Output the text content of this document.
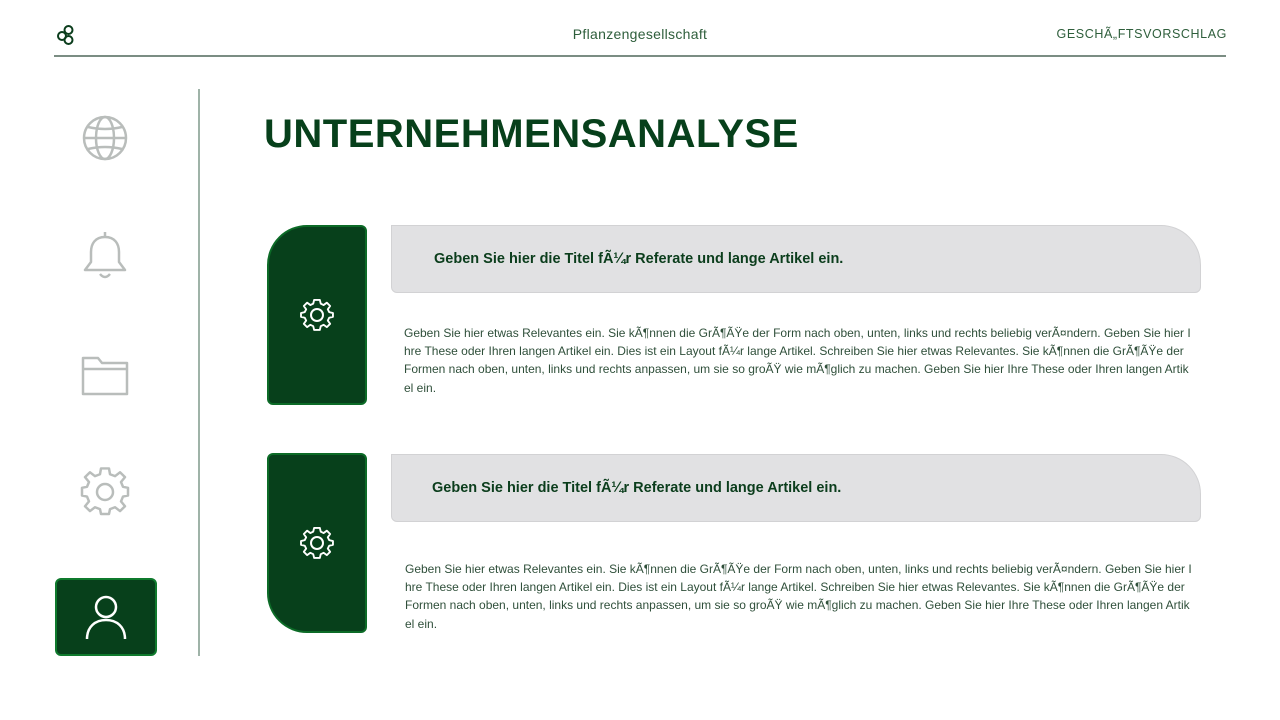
Pflanzengesellschaft	GESCHÃ„FTSVORSCHLAG
UNTERNEHMENSANALYSE
Geben Sie hier die Titel fÃ¼r Referate und lange Artikel ein.
Geben Sie hier etwas Relevantes ein. Sie kÃ¶nnen die GrÃ¶ÃŸe der Form nach oben, unten, links und rechts beliebig verÃ¤ndern. Geben Sie hier Ihre These oder Ihren langen Artikel ein. Dies ist ein Layout fÃ¼r lange Artikel. Schreiben Sie hier etwas Relevantes. Sie kÃ¶nnen die GrÃ¶ÃŸe der Formen nach oben, unten, links und rechts anpassen, um sie so groÃŸ wie mÃ¶glich zu machen. Geben Sie hier Ihre These oder Ihren langen Artikel ein.
Geben Sie hier die Titel fÃ¼r Referate und lange Artikel ein.
Geben Sie hier etwas Relevantes ein. Sie kÃ¶nnen die GrÃ¶ÃŸe der Form nach oben, unten, links und rechts beliebig verÃ¤ndern. Geben Sie hier Ihre These oder Ihren langen Artikel ein. Dies ist ein Layout fÃ¼r lange Artikel. Schreiben Sie hier etwas Relevantes. Sie kÃ¶nnen die GrÃ¶ÃŸe der Formen nach oben, unten, links und rechts anpassen, um sie so groÃŸ wie mÃ¶glich zu machen. Geben Sie hier Ihre These oder Ihren langen Artikel ein.
